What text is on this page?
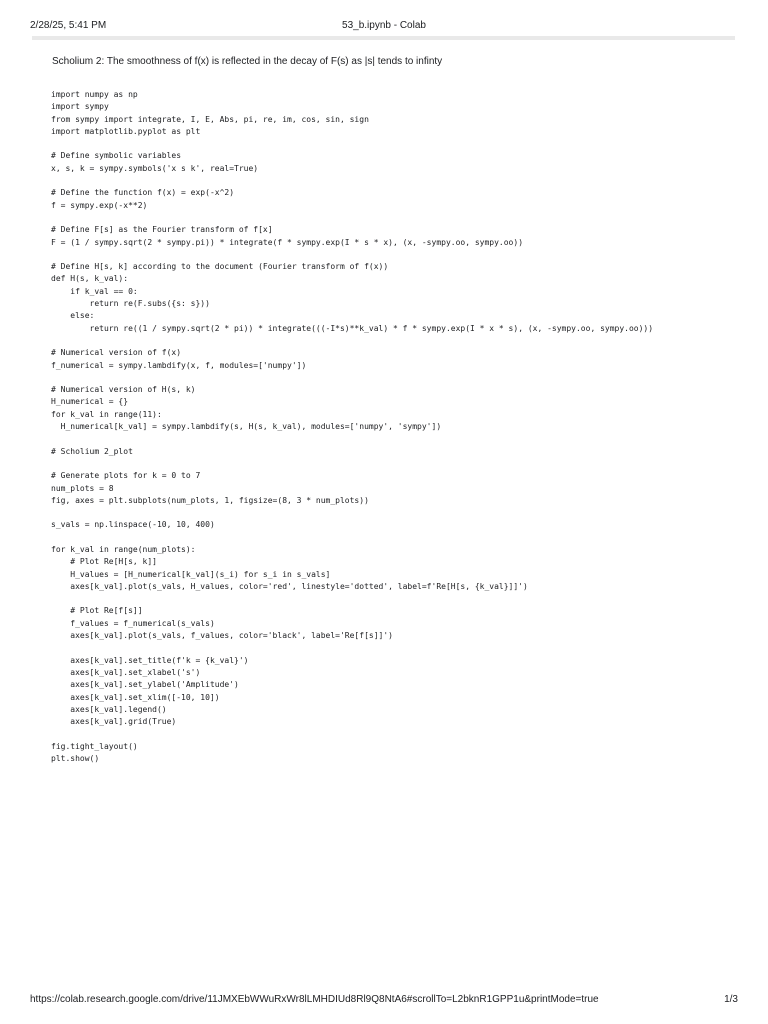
2/28/25, 5:41 PM	53_b.ipynb - Colab
Scholium 2: The smoothness of f(x) is reflected in the decay of F(s) as |s| tends to infinty
import numpy as np
import sympy
from sympy import integrate, I, E, Abs, pi, re, im, cos, sin, sign
import matplotlib.pyplot as plt
# Define symbolic variables
x, s, k = sympy.symbols('x s k', real=True)
# Define the function f(x) = exp(-x^2)
f = sympy.exp(-x**2)
# Define F[s] as the Fourier transform of f[x]
F = (1 / sympy.sqrt(2 * sympy.pi)) * integrate(f * sympy.exp(I * s * x), (x, -sympy.oo, sympy.oo))
# Define H[s, k] according to the document (Fourier transform of f(x))
def H(s, k_val):
if k_val == 0:
return re(F.subs({s: s}))
else:
return re((1 / sympy.sqrt(2 * pi)) * integrate(((-I*s)**k_val) * f * sympy.exp(I * x * s), (x, -sympy.oo, sympy.oo)))
# Numerical version of f(x)
f_numerical = sympy.lambdify(x, f, modules=['numpy'])
# Numerical version of H(s, k)
H_numerical = {}
for k_val in range(11):
H_numerical[k_val] = sympy.lambdify(s, H(s, k_val), modules=['numpy', 'sympy'])
# Scholium 2_plot
# Generate plots for k = 0 to 7
num_plots = 8
fig, axes = plt.subplots(num_plots, 1, figsize=(8, 3 * num_plots))
s_vals = np.linspace(-10, 10, 400)
for k_val in range(num_plots):
# Plot Re[H[s, k]]
H_values = [H_numerical[k_val](s_i) for s_i in s_vals]
axes[k_val].plot(s_vals, H_values, color='red', linestyle='dotted', label=f'Re[H[s, {k_val}]]')
# Plot Re[f[s]]
f_values = f_numerical(s_vals)
axes[k_val].plot(s_vals, f_values, color='black', label='Re[f[s]]')
axes[k_val].set_title(f'k = {k_val}')
axes[k_val].set_xlabel('s')
axes[k_val].set_ylabel('Amplitude')
axes[k_val].set_xlim([-10, 10])
axes[k_val].legend()
axes[k_val].grid(True)
fig.tight_layout()
plt.show()
https://colab.research.google.com/drive/11JMXEbWWuRxWr8lLMHDIUd8Rl9Q8NtA6#scrollTo=L2bknR1GPP1u&printMode=true	1/3
